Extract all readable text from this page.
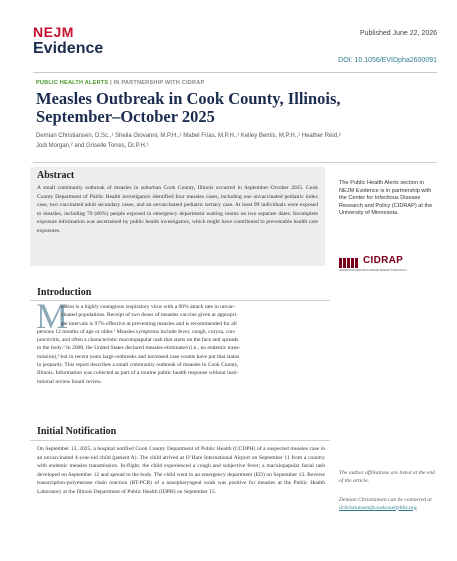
NEJM
Evidence
Published June 22, 2026
DOI: 10.1056/EVIDpha2600091
PUBLIC HEALTH ALERTS | IN PARTNERSHIP WITH CIDRAP
Measles Outbreak in Cook County, Illinois,
September–October 2025
Demian Christiansen, D.Sc.,¹ Sheila Giovanni, M.P.H.,¹ Mabel Frias, M.P.H.,¹ Kelley Bemis, M.P.H.,¹ Heather Reid,²
Jodi Morgan,² and Griselle Torres, Dr.P.H.¹
Abstract
A small community outbreak of measles in suburban Cook County, Illinois occurred in September–October 2025. Cook County Department of Public Health investigators identified four measles cases, including one unvaccinated pediatric index case, two vaccinated adult secondary cases, and an unvaccinated pediatric tertiary case. At least 99 individuals were exposed to measles, including 79 (80%) people exposed in emergency department waiting rooms on two separate dates. Incomplete exposure information was ascertained by public health investigators, which might have contributed to preventable health care exposures.
The Public Health Alerts section in NEJM Evidence is in partnership with the Center for Infectious Disease Research and Policy (CIDRAP) at the University of Minnesota.
CIDRAP
CENTER FOR INFECTIOUS DISEASE RESEARCH AND POLICY
Introduction
M
easles is a highly contagious respiratory virus with a 90% attack rate in unvac-
cinated populations. Receipt of two doses of measles vaccine given at appropri-
ate intervals is 97% effective at preventing measles and is recommended for all
persons 12 months of age or older.¹ Measles symptoms include fever, cough, coryza, con-
junctivitis, and often a characteristic maculopapular rash that starts on the face and spreads
to the body.² In 2000, the United States declared measles eliminated (i.e., no endemic trans-
mission),³ but in recent years large outbreaks and increased case counts have put that status
in jeopardy. This report describes a small community outbreak of measles in Cook County,
Illinois. Information was collected as part of a routine public health response without insti-
tutional review board review.
Initial Notification
On September 13, 2025, a hospital notified Cook County Department of Public Health (CCDPH) of a suspected measles case in an unvaccinated 4-year-old child (patient A). The child arrived at O’Hare International Airport on September 11 from a country with endemic measles transmission. In-flight, the child experienced a cough and subjective fever; a maculopapular facial rash developed on September 12 and spread to the body. The child went to an emergency department (ED) on September 13. Reverse transcription-polymerase chain reaction (RT-PCR) of a nasopharyngeal swab was positive for measles at the Public Health Laboratory at the Illinois Department of Public Health (IDPH) on September 15.
The author affiliations are listed at the end of the article.
Demian Christiansen can be contacted at dchristiansen@cookcountyhhs.org.
